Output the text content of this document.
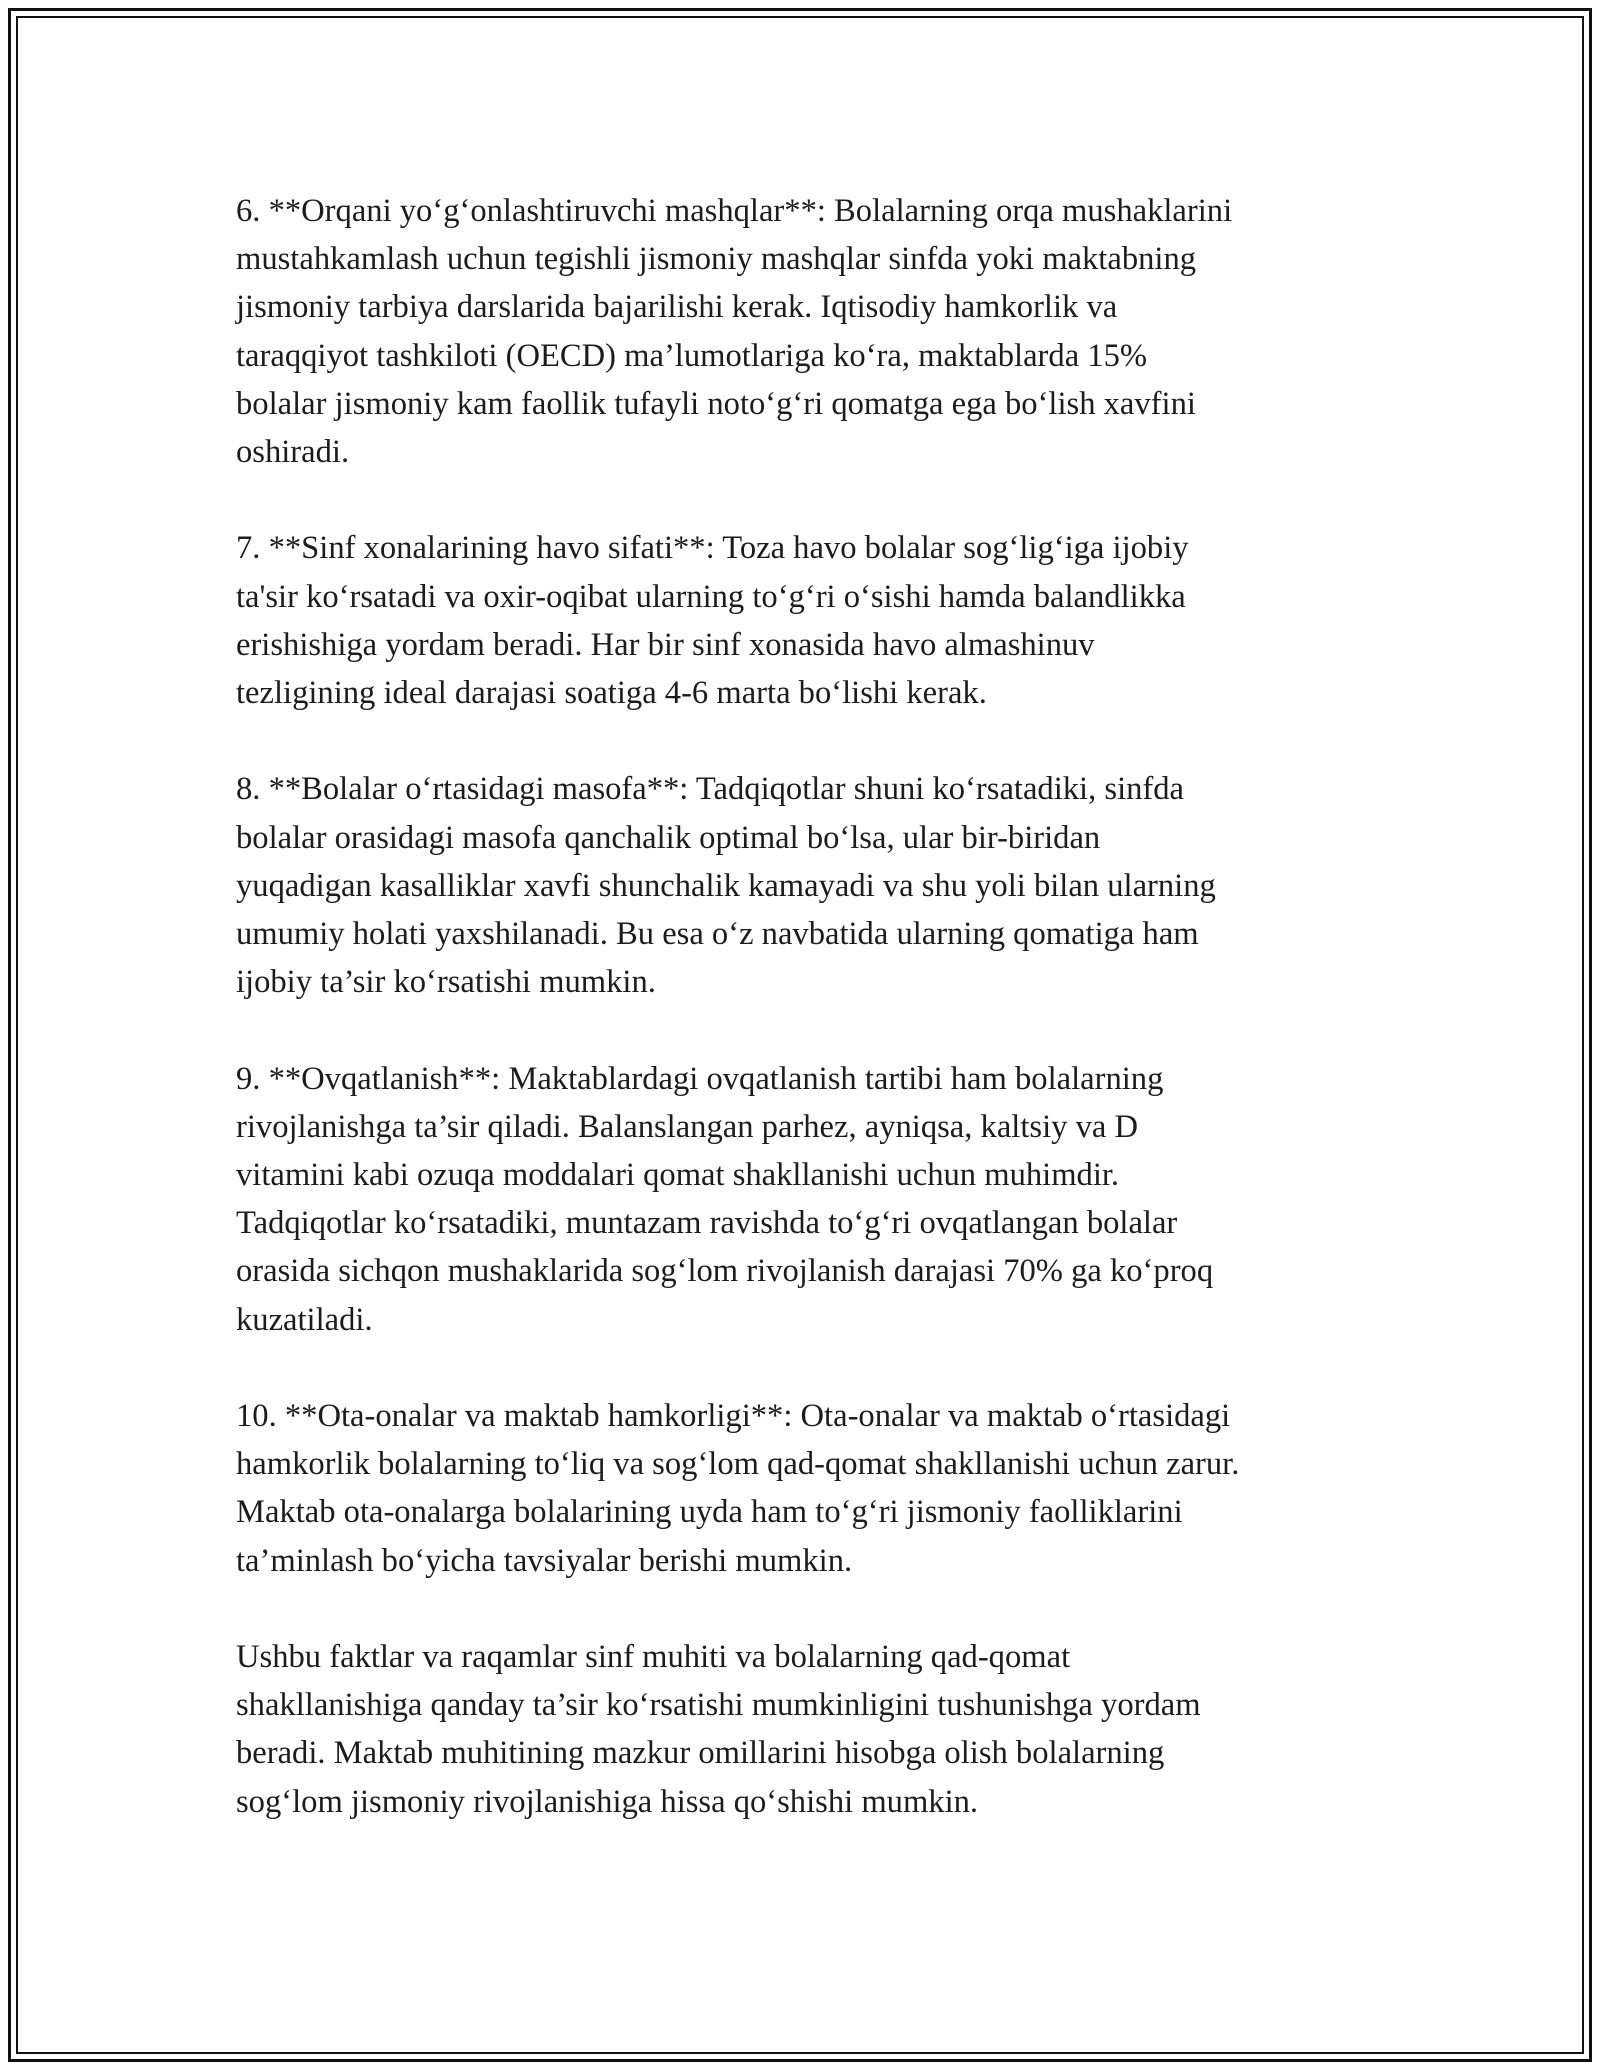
6. **Orqani yo‘g‘onlashtiruvchi mashqlar**: Bolalarning orqa mushaklarini
mustahkamlash uchun tegishli jismoniy mashqlar sinfda yoki maktabning
jismoniy tarbiya darslarida bajarilishi kerak. Iqtisodiy hamkorlik va
taraqqiyot tashkiloti (OECD) ma’lumotlariga ko‘ra, maktablarda 15%
bolalar jismoniy kam faollik tufayli noto‘g‘ri qomatga ega bo‘lish xavfini
oshiradi.

7. **Sinf xonalarining havo sifati**: Toza havo bolalar sog‘lig‘iga ijobiy
ta'sir ko‘rsatadi va oxir-oqibat ularning to‘g‘ri o‘sishi hamda balandlikka
erishishiga yordam beradi. Har bir sinf xonasida havo almashinuv
tezligining ideal darajasi soatiga 4-6 marta bo‘lishi kerak.

8. **Bolalar o‘rtasidagi masofa**: Tadqiqotlar shuni ko‘rsatadiki, sinfda
bolalar orasidagi masofa qanchalik optimal bo‘lsa, ular bir-biridan
yuqadigan kasalliklar xavfi shunchalik kamayadi va shu yoli bilan ularning
umumiy holati yaxshilanadi. Bu esa o‘z navbatida ularning qomatiga ham
ijobiy ta’sir ko‘rsatishi mumkin.

9. **Ovqatlanish**: Maktablardagi ovqatlanish tartibi ham bolalarning
rivojlanishga ta’sir qiladi. Balanslangan parhez, ayniqsa, kaltsiy va D
vitamini kabi ozuqa moddalari qomat shakllanishi uchun muhimdir.
Tadqiqotlar ko‘rsatadiki, muntazam ravishda to‘g‘ri ovqatlangan bolalar
orasida sichqon mushaklarida sog‘lom rivojlanish darajasi 70% ga ko‘proq
kuzatiladi.

10. **Ota-onalar va maktab hamkorligi**: Ota-onalar va maktab o‘rtasidagi
hamkorlik bolalarning to‘liq va sog‘lom qad-qomat shakllanishi uchun zarur.
Maktab ota-onalarga bolalarining uyda ham to‘g‘ri jismoniy faolliklarini
ta’minlash bo‘yicha tavsiyalar berishi mumkin.

Ushbu faktlar va raqamlar sinf muhiti va bolalarning qad-qomat
shakllanishiga qanday ta’sir ko‘rsatishi mumkinligini tushunishga yordam
beradi. Maktab muhitining mazkur omillarini hisobga olish bolalarning
sog‘lom jismoniy rivojlanishiga hissa qo‘shishi mumkin.
